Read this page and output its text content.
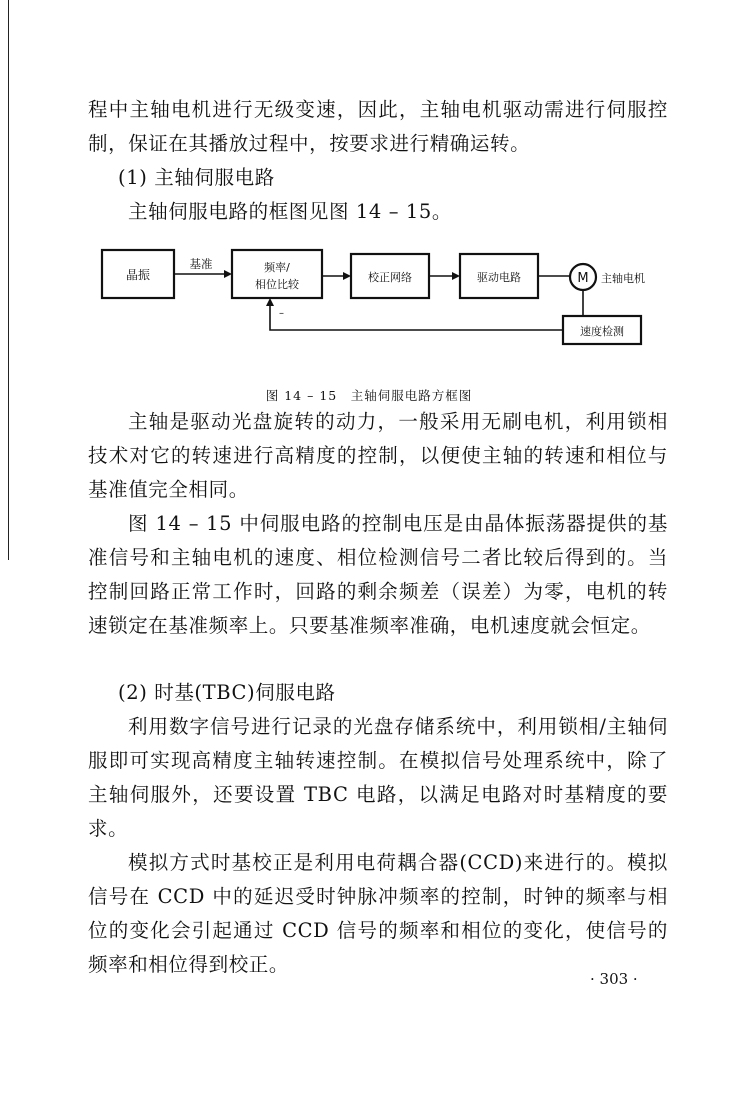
程中主轴电机进行无级变速，因此，主轴电机驱动需进行伺服控制，保证在其播放过程中，按要求进行精确运转。

(1) 主轴伺服电路

主轴伺服电路的框图见图 14 – 15。

晶振
基准	频率/
相位比较
校正网络	驱动电路	M 主轴电机
速度检测
–

图 14 – 15　主轴伺服电路方框图

主轴是驱动光盘旋转的动力，一般采用无刷电机，利用锁相技术对它的转速进行高精度的控制，以便使主轴的转速和相位与基准值完全相同。

图 14 – 15 中伺服电路的控制电压是由晶体振荡器提供的基准信号和主轴电机的速度、相位检测信号二者比较后得到的。当控制回路正常工作时，回路的剩余频差（误差）为零，电机的转速锁定在基准频率上。只要基准频率准确，电机速度就会恒定。

(2) 时基(TBC)伺服电路

利用数字信号进行记录的光盘存储系统中，利用锁相/主轴伺服即可实现高精度主轴转速控制。在模拟信号处理系统中，除了主轴伺服外，还要设置 TBC 电路，以满足电路对时基精度的要求。

模拟方式时基校正是利用电荷耦合器(CCD)来进行的。模拟信号在 CCD 中的延迟受时钟脉冲频率的控制，时钟的频率与相位的变化会引起通过 CCD 信号的频率和相位的变化，使信号的频率和相位得到校正。

· 303 ·
